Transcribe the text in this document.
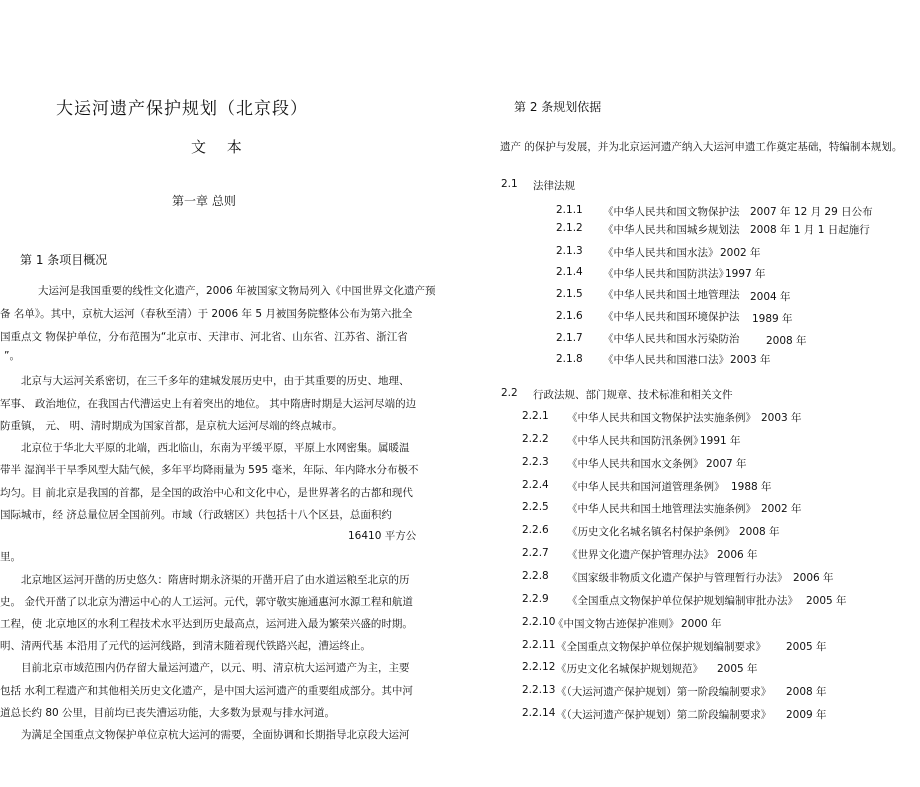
大运河遗产保护规划（北京段）
文 本
第一章 总则
第 1 条项目概况
大运河是我国重要的线性文化遗产，2006 年被国家文物局列入《中国世界文化遗产预
备 名单》。其中，京杭大运河（春秋至清）于 2006 年 5 月被国务院整体公布为第六批全
国重点文 物保护单位，分布范围为“北京市、天津市、河北省、山东省、江苏省、浙江省
”。
北京与大运河关系密切，在三千多年的建城发展历史中，由于其重要的历史、地理、
军事、 政治地位，在我国古代漕运史上有着突出的地位。 其中隋唐时期是大运河尽端的边
防重镇， 元、 明、清时期成为国家首都，是京杭大运河尽端的终点城市。
北京位于华北大平原的北端，西北临山，东南为平缓平原，平原上水网密集。属暖温
带半 湿润半干旱季风型大陆气候，多年平均降雨量为 595 毫米，年际、年内降水分布极不
均匀。目 前北京是我国的首都，是全国的政治中心和文化中心，是世界著名的古都和现代
国际城市，经 济总量位居全国前列。市域（行政辖区）共包括十八个区县，总面积约
16410 平方公
里。
北京地区运河开凿的历史悠久：隋唐时期永济渠的开凿开启了由水道运粮至北京的历
史。 金代开凿了以北京为漕运中心的人工运河。元代，郭守敬实施通惠河水源工程和航道
工程，使 北京地区的水利工程技术水平达到历史最高点，运河进入最为繁荣兴盛的时期。
明、清两代基 本沿用了元代的运河线路，到清末随着现代铁路兴起，漕运终止。
目前北京市域范围内仍存留大量运河遗产，以元、明、清京杭大运河遗产为主，主要
包括 水利工程遗产和其他相关历史文化遗产，是中国大运河遗产的重要组成部分。其中河
道总长约 80 公里，目前均已丧失漕运功能，大多数为景观与排水河道。
为满足全国重点文物保护单位京杭大运河的需要，全面协调和长期指导北京段大运河
第 2 条规划依据
遗产 的保护与发展，并为北京运河遗产纳入大运河申遗工作奠定基础，特编制本规划。
2.1 法律法规
2.1.1 《中华人民共和国文物保护法 2007 年 12 月 29 日公布
2.1.2 《中华人民共和国城乡规划法 2008 年 1 月 1 日起施行
2.1.3 《中华人民共和国水法》 2002 年
2.1.4 《中华人民共和国防洪法》
1997 年
2.1.5 《中华人民共和国土地管理法 2004 年
2.1.6 《中华人民共和国环境保护法 1989 年
2.1.7 《中华人民共和国水污染防治	2008 年
2.1.8 《中华人民共和国港口法》 2003 年
2.2 行政法规、部门规章、技术标准和相关文件
2.2.1 《中华人民共和国文物保护法实施条例》 2003 年
2.2.2 《中华人民共和国防汛条例》
1991 年
2.2.3 《中华人民共和国水文条例》 2007 年
2.2.4 《中华人民共和国河道管理条例》 1988 年
2.2.5 《中华人民共和国土地管理法实施条例》 2002 年
2.2.6 《历史文化名城名镇名村保护条例》 2008 年
2.2.7 《世界文化遗产保护管理办法》 2006 年
2.2.8 《国家级非物质文化遗产保护与管理暂行办法》 2006 年
2.2.9 《全国重点文物保护单位保护规划编制审批办法》 2005 年
2.2.10
《中国文物古迹保护准则》 2000 年
2.2.11 《全国重点文物保护单位保护规划编制要求》 2005 年
2.2.12 《历史文化名城保护规划规范》 2005 年
2.2.13 《（大运河遗产保护规划）第一阶段编制要求》 2008 年
2.2.14 《（大运河遗产保护规划）第二阶段编制要求》 2009 年
